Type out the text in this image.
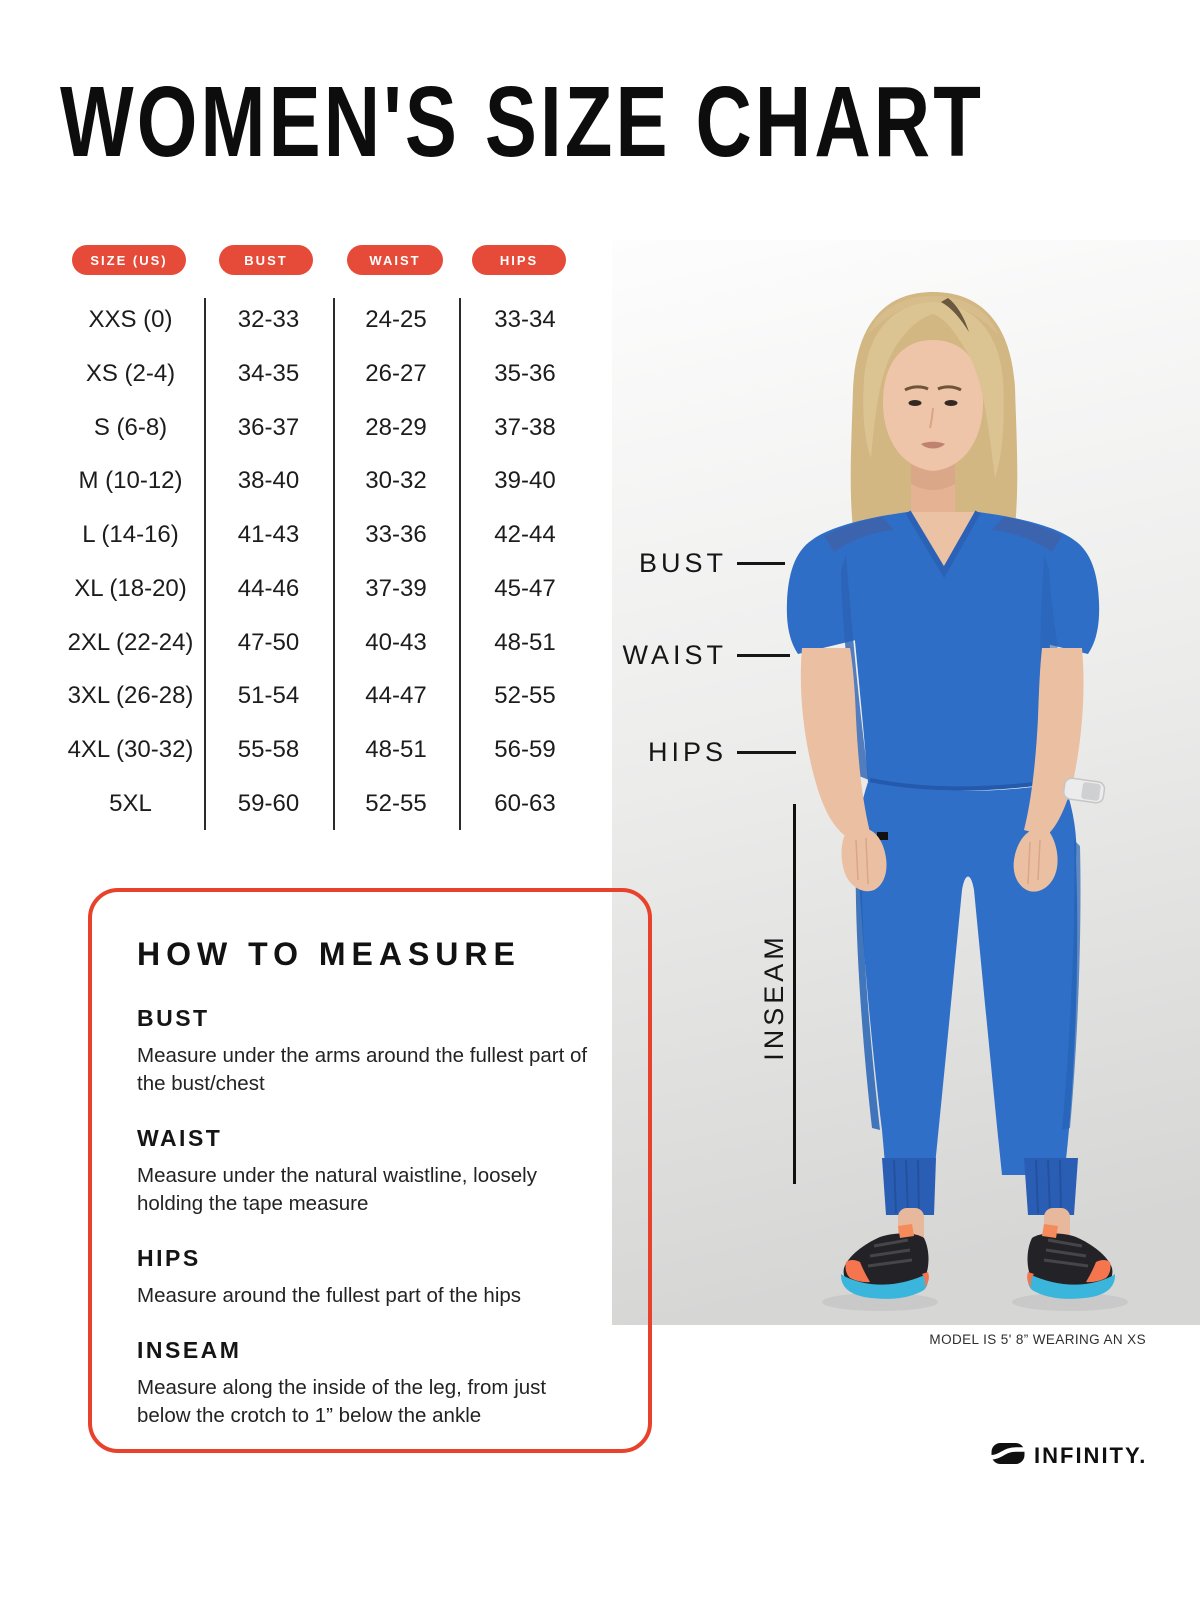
WOMEN'S SIZE CHART
SIZE (US)	BUST	WAIST	HIPS
XXS (0)	32-33	24-25	33-34
XS (2-4)	34-35	26-27	35-36
S (6-8)	36-37	28-29	37-38
M (10-12)	38-40	30-32	39-40
L (14-16)	41-43	33-36	42-44
XL (18-20)	44-46	37-39	45-47
2XL (22-24)	47-50	40-43	48-51
3XL (26-28)	51-54	44-47	52-55
4XL (30-32)	55-58	48-51	56-59
5XL	59-60	52-55	60-63
BUST
WAIST
HIPS
INSEAM
HOW TO MEASURE
BUST
Measure under the arms around the fullest part of the bust/chest
WAIST
Measure under the natural waistline, loosely holding the tape measure
HIPS
Measure around the fullest part of the hips
INSEAM
Measure along the inside of the leg, from just below the crotch to 1” below the ankle
MODEL IS 5' 8” WEARING AN XS
INFINITY.
